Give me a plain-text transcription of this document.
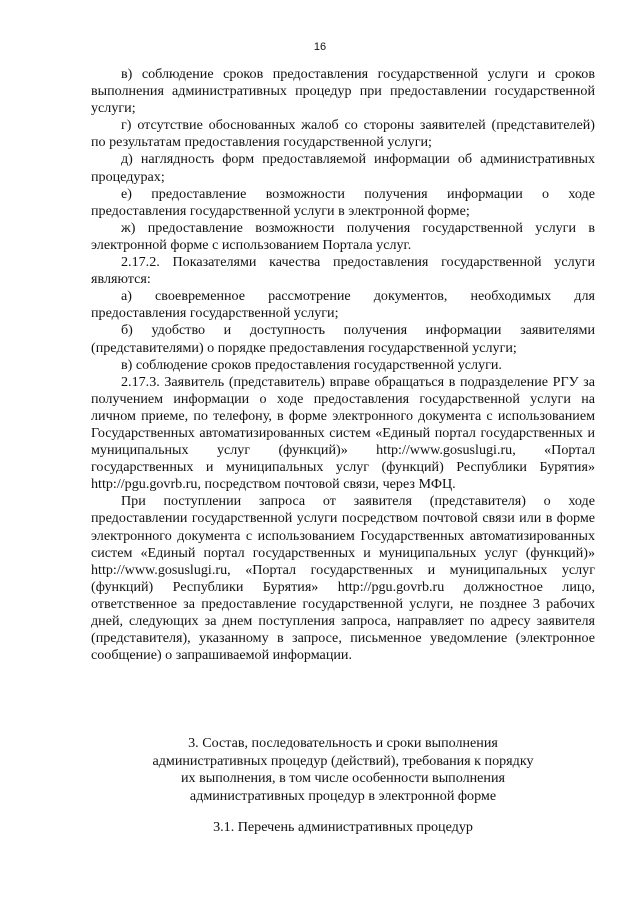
16

в) соблюдение сроков предоставления государственной услуги и сроков выполнения административных процедур при предоставлении государственной услуги;

г) отсутствие обоснованных жалоб со стороны заявителей (представителей) по результатам предоставления государственной услуги;

д) наглядность форм предоставляемой информации об административных процедурах;

е) предоставление возможности получения информации о ходе предоставления государственной услуги в электронной форме;

ж) предоставление возможности получения государственной услуги в электронной форме с использованием Портала услуг.

2.17.2. Показателями качества предоставления государственной услуги являются:

а) своевременное рассмотрение документов, необходимых для предоставления государственной услуги;

б) удобство и доступность получения информации заявителями (представителями) о порядке предоставления государственной услуги;

в) соблюдение сроков предоставления государственной услуги.

2.17.3. Заявитель (представитель) вправе обращаться в подразделение РГУ за получением информации о ходе предоставления государственной услуги на личном приеме, по телефону, в форме электронного документа с использованием Государственных автоматизированных систем «Единый портал государственных и муниципальных услуг (функций)» http://www.gosuslugi.ru, «Портал государственных и муниципальных услуг (функций) Республики Бурятия» http://pgu.govrb.ru, посредством почтовой связи, через МФЦ.

При поступлении запроса от заявителя (представителя) о ходе предоставлении государственной услуги посредством почтовой связи или в форме электронного документа с использованием Государственных автоматизированных систем «Единый портал государственных и муниципальных услуг (функций)» http://www.gosuslugi.ru, «Портал государственных и муниципальных услуг (функций) Республики Бурятия» http://pgu.govrb.ru должностное лицо, ответственное за предоставление государственной услуги, не позднее 3 рабочих дней, следующих за днем поступления запроса, направляет по адресу заявителя (представителя), указанному в запросе, письменное уведомление (электронное сообщение) о запрашиваемой информации.

3. Состав, последовательность и сроки выполнения

административных процедур (действий), требования к порядку

их выполнения, в том числе особенности выполнения

административных процедур в электронной форме

3.1. Перечень административных процедур
